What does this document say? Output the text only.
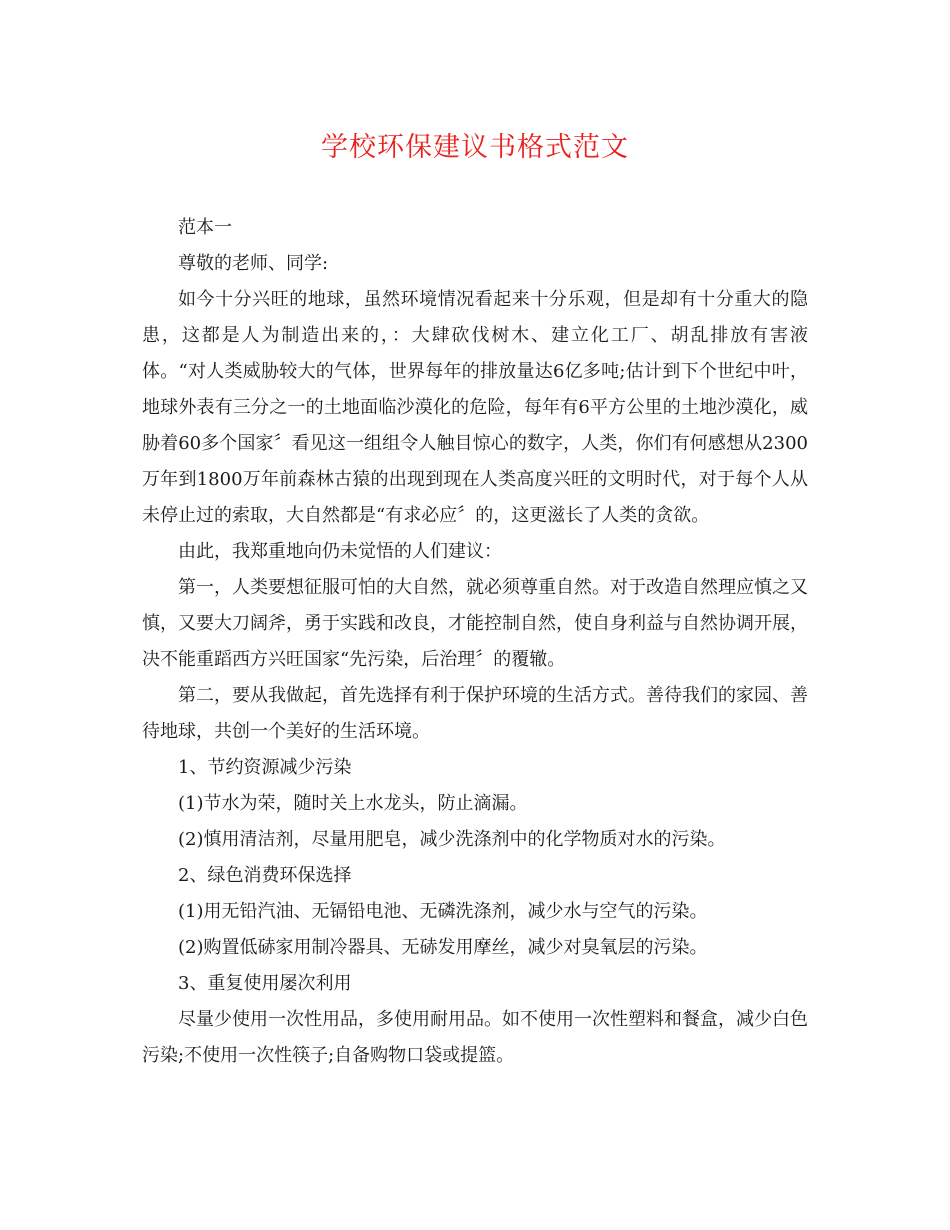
学校环保建议书格式范文

范本一

尊敬的老师、同学:

如今十分兴旺的地球，虽然环境情况看起来十分乐观，但是却有十分重大的隐患，这都是人为制造出来的，：大肆砍伐树木、建立化工厂、胡乱排放有害液体。“对人类威胁较大的气体，世界每年的排放量达6亿多吨;估计到下个世纪中叶，地球外表有三分之一的土地面临沙漠化的危险，每年有6平方公里的土地沙漠化，威胁着60多个国家〞看见这一组组令人触目惊心的数字，人类，你们有何感想从2300万年到1800万年前森林古猿的出现到现在人类高度兴旺的文明时代，对于每个人从未停止过的索取，大自然都是“有求必应〞的，这更滋长了人类的贪欲。

由此，我郑重地向仍未觉悟的人们建议：

第一，人类要想征服可怕的大自然，就必须尊重自然。对于改造自然理应慎之又慎，又要大刀阔斧，勇于实践和改良，才能控制自然，使自身利益与自然协调开展，决不能重蹈西方兴旺国家“先污染，后治理〞的覆辙。

第二，要从我做起，首先选择有利于保护环境的生活方式。善待我们的家园、善待地球，共创一个美好的生活环境。

1、节约资源减少污染

(1)节水为荣，随时关上水龙头，防止滴漏。

(2)慎用清洁剂，尽量用肥皂，减少洗涤剂中的化学物质对水的污染。

2、绿色消费环保选择

(1)用无铅汽油、无镉铅电池、无磷洗涤剂，减少水与空气的污染。

(2)购置低硳家用制冷器具、无硳发用摩丝，减少对臭氧层的污染。

3、重复使用屡次利用

尽量少使用一次性用品，多使用耐用品。如不使用一次性塑料和餐盒，减少白色污染;不使用一次性筷子;自备购物口袋或提篮。
